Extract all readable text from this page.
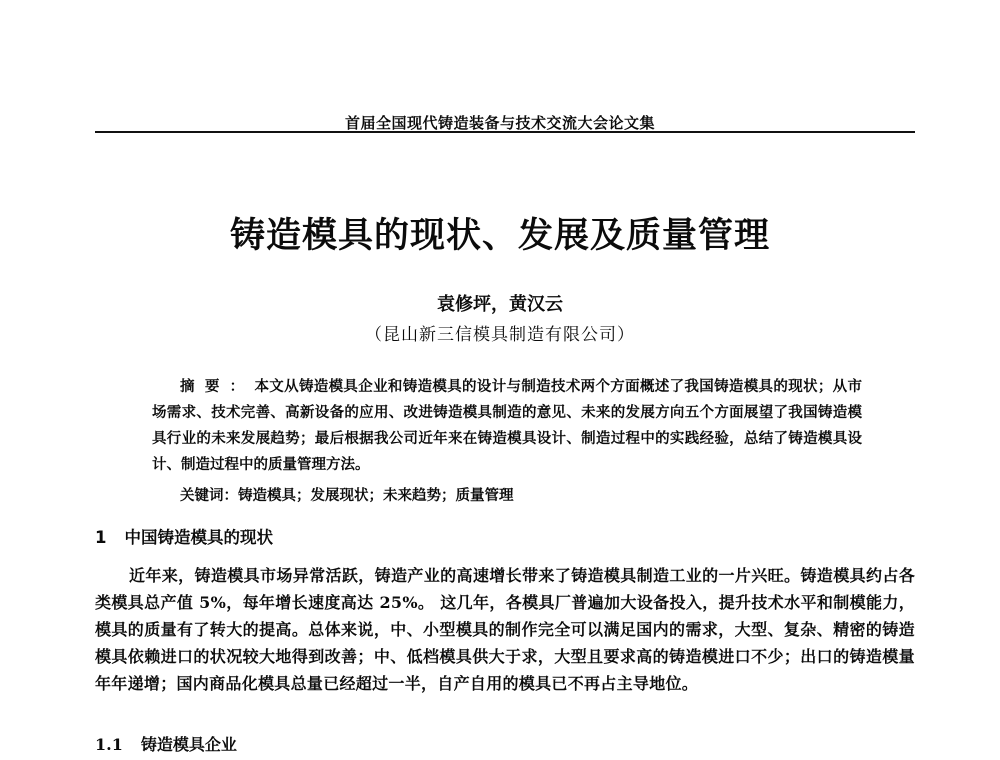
首届全国现代铸造装备与技术交流大会论文集
铸造模具的现状、发展及质量管理
袁修坪，黄汉云
（昆山新三信模具制造有限公司）
摘要：本文从铸造模具企业和铸造模具的设计与制造技术两个方面概述了我国铸造模具的现状；从市场需求、技术完善、高新设备的应用、改进铸造模具制造的意见、未来的发展方向五个方面展望了我国铸造模具行业的未来发展趋势；最后根据我公司近年来在铸造模具设计、制造过程中的实践经验，总结了铸造模具设计、制造过程中的质量管理方法。
关键词：铸造模具；发展现状；未来趋势；质量管理
1 中国铸造模具的现状

近年来，铸造模具市场异常活跃，铸造产业的高速增长带来了铸造模具制造工业的一片兴旺。铸造模具约占各类模具总产值 5%，每年增长速度高达 25%。 这几年，各模具厂普遍加大设备投入，提升技术水平和制模能力，模具的质量有了转大的提高。总体来说，中、小型模具的制作完全可以满足国内的需求，大型、复杂、精密的铸造模具依赖进口的状况较大地得到改善；中、低档模具供大于求，大型且要求高的铸造模进口不少；出口的铸造模量年年递增；国内商品化模具总量已经超过一半，自产自用的模具已不再占主导地位。

1.1 铸造模具企业
